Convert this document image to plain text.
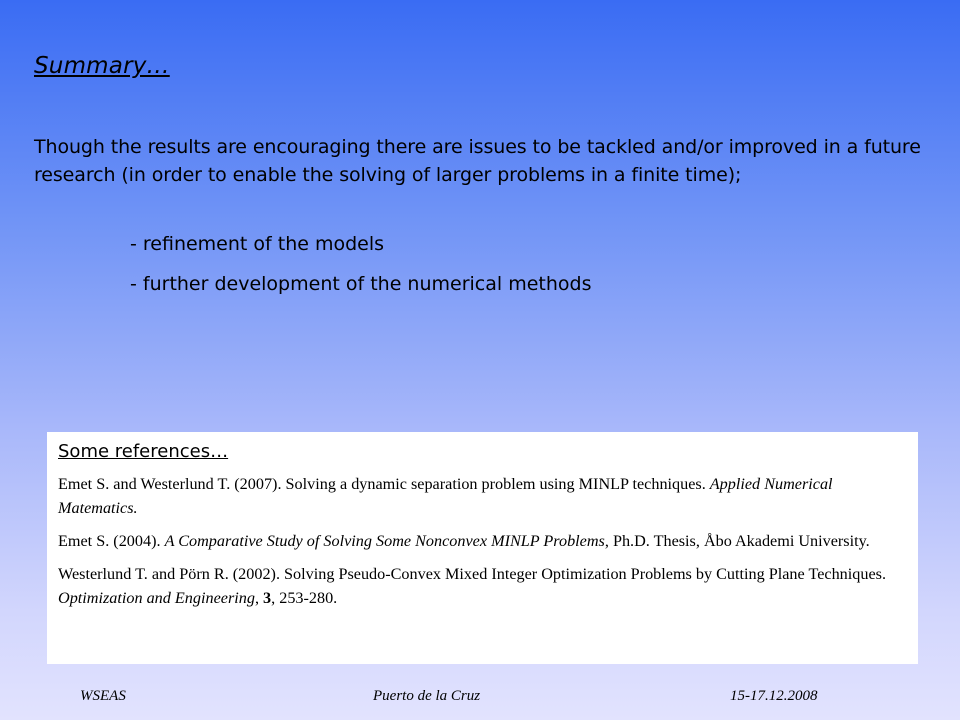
Summary…
Though the results are encouraging there are issues to be tackled and/or improved in a future research (in order to enable the solving of larger problems in a finite time);
- refinement of the models
- further development of the numerical methods
Some references…
Emet S. and Westerlund T. (2007). Solving a dynamic separation problem using MINLP techniques. Applied Numerical Matematics.
Emet S. (2004). A Comparative Study of Solving Some Nonconvex MINLP Problems, Ph.D. Thesis, Åbo Akademi University.
Westerlund T. and Pörn R. (2002). Solving Pseudo-Convex Mixed Integer Optimization Problems by Cutting Plane Techniques. Optimization and Engineering, 3, 253-280.
WSEAS	Puerto de la Cruz	15-17.12.2008
